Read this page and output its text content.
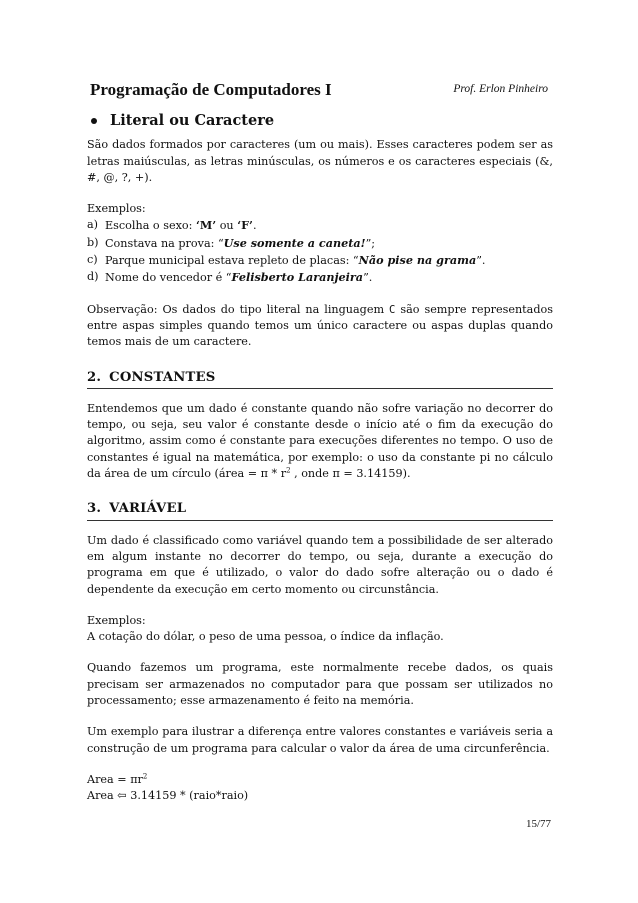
Programação de Computadores I	Prof. Erlon Pinheiro
Literal ou Caractere

São dados formados por caracteres (um ou mais). Esses caracteres podem ser as letras maiúsculas, as letras minúsculas, os números e os caracteres especiais (&, #, @, ?, +).

Exemplos:

a) Escolha o sexo: ‘M’ ou ‘F’.
b) Constava na prova: “Use somente a caneta!”;
c) Parque municipal estava repleto de placas: “Não pise na grama”.
d) Nome do vencedor é “Felisberto Laranjeira”.

Observação: Os dados do tipo literal na linguagem C são sempre representados entre aspas simples quando temos um único caractere ou aspas duplas quando temos mais de um caractere.

2. CONSTANTES

Entendemos que um dado é constante quando não sofre variação no decorrer do tempo, ou seja, seu valor é constante desde o início até o fim da execução do algoritmo, assim como é constante para execuções diferentes no tempo. O uso de constantes é igual na matemática, por exemplo: o uso da constante pi no cálculo da área de um círculo (área = π * $r^2$ , onde π = 3.14159).

3. VARIÁVEL

Um dado é classificado como variável quando tem a possibilidade de ser alterado em algum instante no decorrer do tempo, ou seja, durante a execução do programa em que é utilizado, o valor do dado sofre alteração ou o dado é dependente da execução em certo momento ou circunstância.

Exemplos:

A cotação do dólar, o peso de uma pessoa, o índice da inflação.

Quando fazemos um programa, este normalmente recebe dados, os quais precisam ser armazenados no computador para que possam ser utilizados no processamento; esse armazenamento é feito na memória.

Um exemplo para ilustrar a diferença entre valores constantes e variáveis seria a construção de um programa para calcular o valor da área de uma circunferência.

Area = $\pi r^2$

Area ⇦ 3.14159 * (raio*raio)

15/77
